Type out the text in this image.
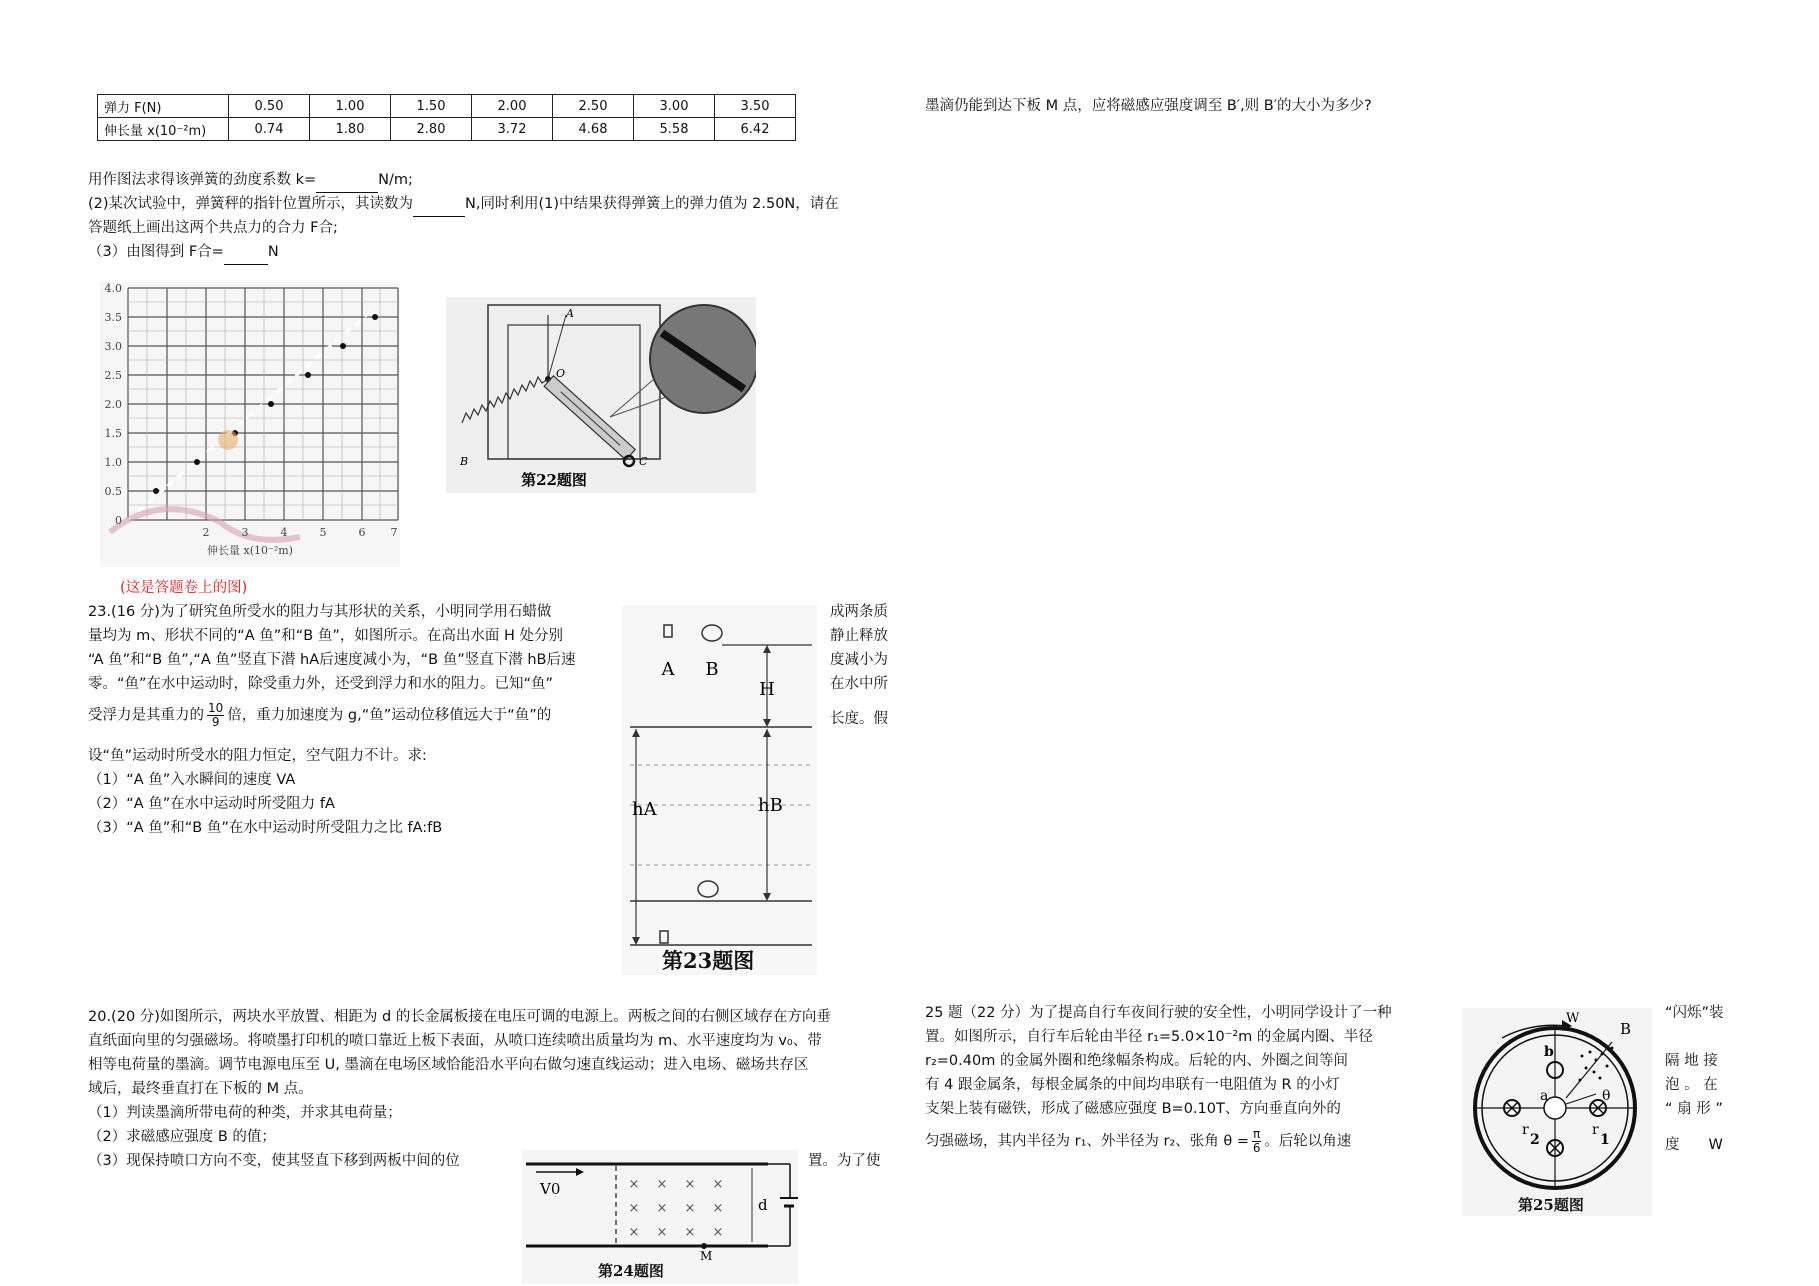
弹力 F(N)	0.50	1.00	1.50	2.00	2.50	3.00	3.50
伸长量 x(10⁻²m)	0.74	1.80	2.80	3.72	4.68	5.58	6.42
用作图法求得该弹簧的劲度系数 k=	N/m;
(2)某次试验中，弹簧秤的指针位置所示，其读数为	N,同时利用(1)中结果获得弹簧上的弹力值为 2.50N，请在
答题纸上画出这两个共点力的合力 F合;
（3）由图得到 F合=	N
4.0
3.5
3.0
2.5
2.0
1.5
1.0
0.5
0
2	3	4	5	6 7
伸长量 x(10⁻²m)
(这是答题卷上的图)
A
O
B	C
第22题图
23.(16 分)为了研究鱼所受水的阻力与其形状的关系，小明同学用石蜡做
量均为 m、形状不同的“A 鱼”和“B 鱼”，如图所示。在高出水面 H 处分别
“A 鱼”和“B 鱼”,“A 鱼”竖直下潜 hA后速度减小为，“B 鱼”竖直下潜 hB后速
零。“鱼”在水中运动时，除受重力外，还受到浮力和水的阻力。已知“鱼”
受浮力是其重力的 $\frac{10}{9}$ 倍，重力加速度为 g,“鱼”运动位移值远大于“鱼”的
设“鱼”运动时所受水的阻力恒定，空气阻力不计。求:
（1）“A 鱼”入水瞬间的速度 VA
（2）“A 鱼”在水中运动时所受阻力 fA
（3）“A 鱼”和“B 鱼”在水中运动时所受阻力之比 fA:fB
成两条质
静止释放
度减小为
在水中所
长度。假
A B
H
hA	hB
第23题图
20.(20 分)如图所示，两块水平放置、相距为 d 的长金属板接在电压可调的电源上。两板之间的右侧区域存在方向垂
直纸面向里的匀强磁场。将喷墨打印机的喷口靠近上板下表面，从喷口连续喷出质量均为 m、水平速度均为 v₀、带
相等电荷量的墨滴。调节电源电压至 U, 墨滴在电场区域恰能沿水平向右做匀速直线运动；进入电场、磁场共存区
域后，最终垂直打在下板的 M 点。
（1）判读墨滴所带电荷的种类，并求其电荷量；
（2）求磁感应强度 B 的值；
（3）现保持喷口方向不变，使其竖直下移到两板中间的位	置。为了使
× × × ×
× × × ×
× × × ×
V0
d
M
第24题图
墨滴仍能到达下板 M 点，应将磁感应强度调至 B′,则 B′的大小为多少?
25 题（22 分）为了提高自行车夜间行驶的安全性，小明同学设计了一种
置。如图所示，自行车后轮由半径 r₁=5.0×10⁻²m 的金属内圈、半径
r₂=0.40m 的金属外圈和绝缘幅条构成。后轮的内、外圈之间等间
有 4 跟金属条，每根金属条的中间均串联有一电阻值为 R 的小灯
支架上装有磁铁，形成了磁感应强度 B=0.10T、方向垂直向外的
匀强磁场，其内半径为 r₁、外半径为 r₂、张角 $\theta = \frac{\pi}{6}$ 。后轮以角速
“闪烁”装
隔 地 接
泡 。 在
“ 扇 形 ”
度　　W
W
B
b
a	θ
r
2
r
1
第25题图
